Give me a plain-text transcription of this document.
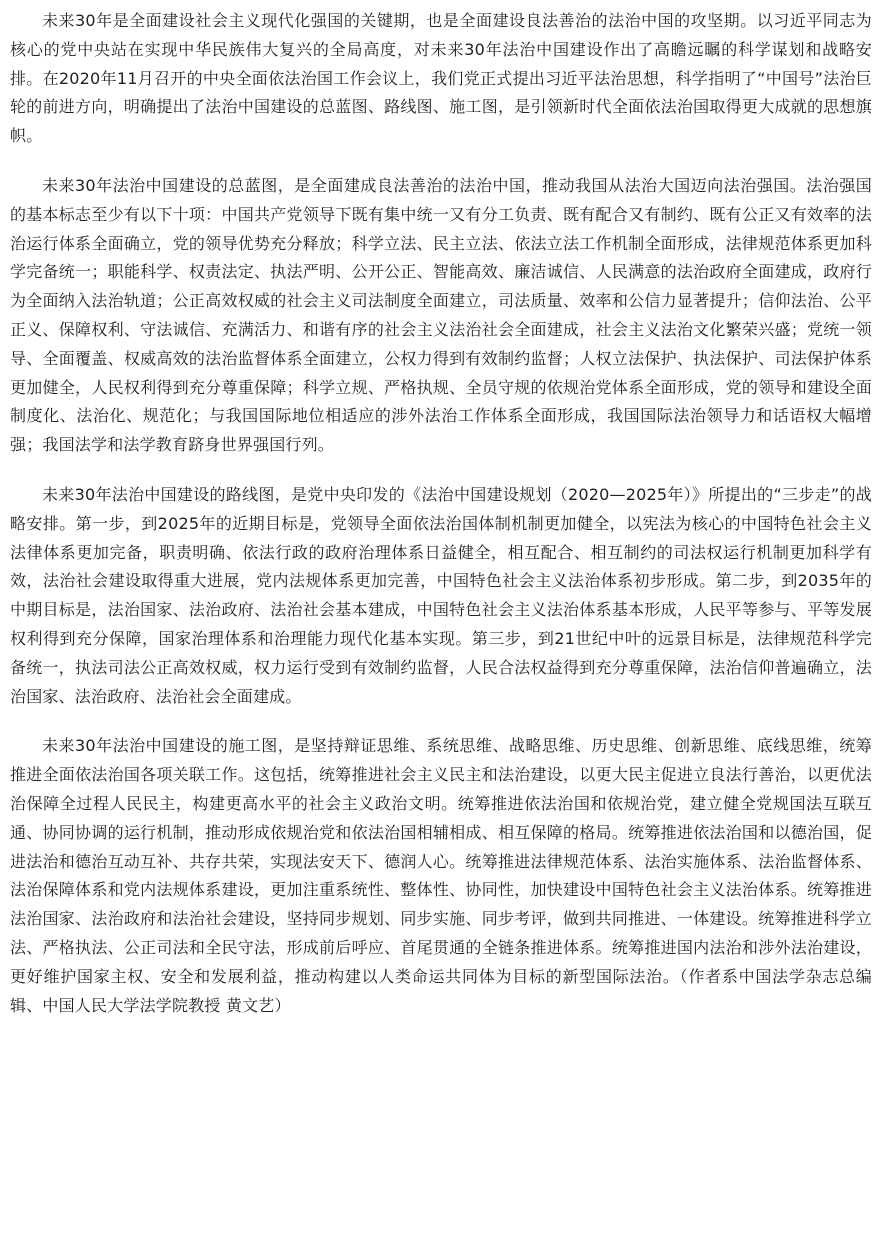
未来30年是全面建设社会主义现代化强国的关键期，也是全面建设良法善治的法治中国的攻坚期。以习近平同志为核心的党中央站在实现中华民族伟大复兴的全局高度，对未来30年法治中国建设作出了高瞻远瞩的科学谋划和战略安排。在2020年11月召开的中央全面依法治国工作会议上，我们党正式提出习近平法治思想，科学指明了“中国号”法治巨轮的前进方向，明确提出了法治中国建设的总蓝图、路线图、施工图，是引领新时代全面依法治国取得更大成就的思想旗帜。

未来30年法治中国建设的总蓝图，是全面建成良法善治的法治中国，推动我国从法治大国迈向法治强国。法治强国的基本标志至少有以下十项：中国共产党领导下既有集中统一又有分工负责、既有配合又有制约、既有公正又有效率的法治运行体系全面确立，党的领导优势充分释放；科学立法、民主立法、依法立法工作机制全面形成，法律规范体系更加科学完备统一；职能科学、权责法定、执法严明、公开公正、智能高效、廉洁诚信、人民满意的法治政府全面建成，政府行为全面纳入法治轨道；公正高效权威的社会主义司法制度全面建立，司法质量、效率和公信力显著提升；信仰法治、公平正义、保障权利、守法诚信、充满活力、和谐有序的社会主义法治社会全面建成，社会主义法治文化繁荣兴盛；党统一领导、全面覆盖、权威高效的法治监督体系全面建立，公权力得到有效制约监督；人权立法保护、执法保护、司法保护体系更加健全，人民权利得到充分尊重保障；科学立规、严格执规、全员守规的依规治党体系全面形成，党的领导和建设全面制度化、法治化、规范化；与我国国际地位相适应的涉外法治工作体系全面形成，我国国际法治领导力和话语权大幅增强；我国法学和法学教育跻身世界强国行列。

未来30年法治中国建设的路线图，是党中央印发的《法治中国建设规划（2020—2025年）》所提出的“三步走”的战略安排。第一步，到2025年的近期目标是，党领导全面依法治国体制机制更加健全，以宪法为核心的中国特色社会主义法律体系更加完备，职责明确、依法行政的政府治理体系日益健全，相互配合、相互制约的司法权运行机制更加科学有效，法治社会建设取得重大进展，党内法规体系更加完善，中国特色社会主义法治体系初步形成。第二步，到2035年的中期目标是，法治国家、法治政府、法治社会基本建成，中国特色社会主义法治体系基本形成，人民平等参与、平等发展权利得到充分保障，国家治理体系和治理能力现代化基本实现。第三步，到21世纪中叶的远景目标是，法律规范科学完备统一，执法司法公正高效权威，权力运行受到有效制约监督，人民合法权益得到充分尊重保障，法治信仰普遍确立，法治国家、法治政府、法治社会全面建成。

未来30年法治中国建设的施工图，是坚持辩证思维、系统思维、战略思维、历史思维、创新思维、底线思维，统筹推进全面依法治国各项关联工作。这包括，统筹推进社会主义民主和法治建设，以更大民主促进立良法行善治，以更优法治保障全过程人民民主，构建更高水平的社会主义政治文明。统筹推进依法治国和依规治党，建立健全党规国法互联互通、协同协调的运行机制，推动形成依规治党和依法治国相辅相成、相互保障的格局。统筹推进依法治国和以德治国，促进法治和德治互动互补、共存共荣，实现法安天下、德润人心。统筹推进法律规范体系、法治实施体系、法治监督体系、法治保障体系和党内法规体系建设，更加注重系统性、整体性、协同性，加快建设中国特色社会主义法治体系。统筹推进法治国家、法治政府和法治社会建设，坚持同步规划、同步实施、同步考评，做到共同推进、一体建设。统筹推进科学立法、严格执法、公正司法和全民守法，形成前后呼应、首尾贯通的全链条推进体系。统筹推进国内法治和涉外法治建设，更好维护国家主权、安全和发展利益，推动构建以人类命运共同体为目标的新型国际法治。（作者系中国法学杂志总编辑、中国人民大学法学院教授 黄文艺）
